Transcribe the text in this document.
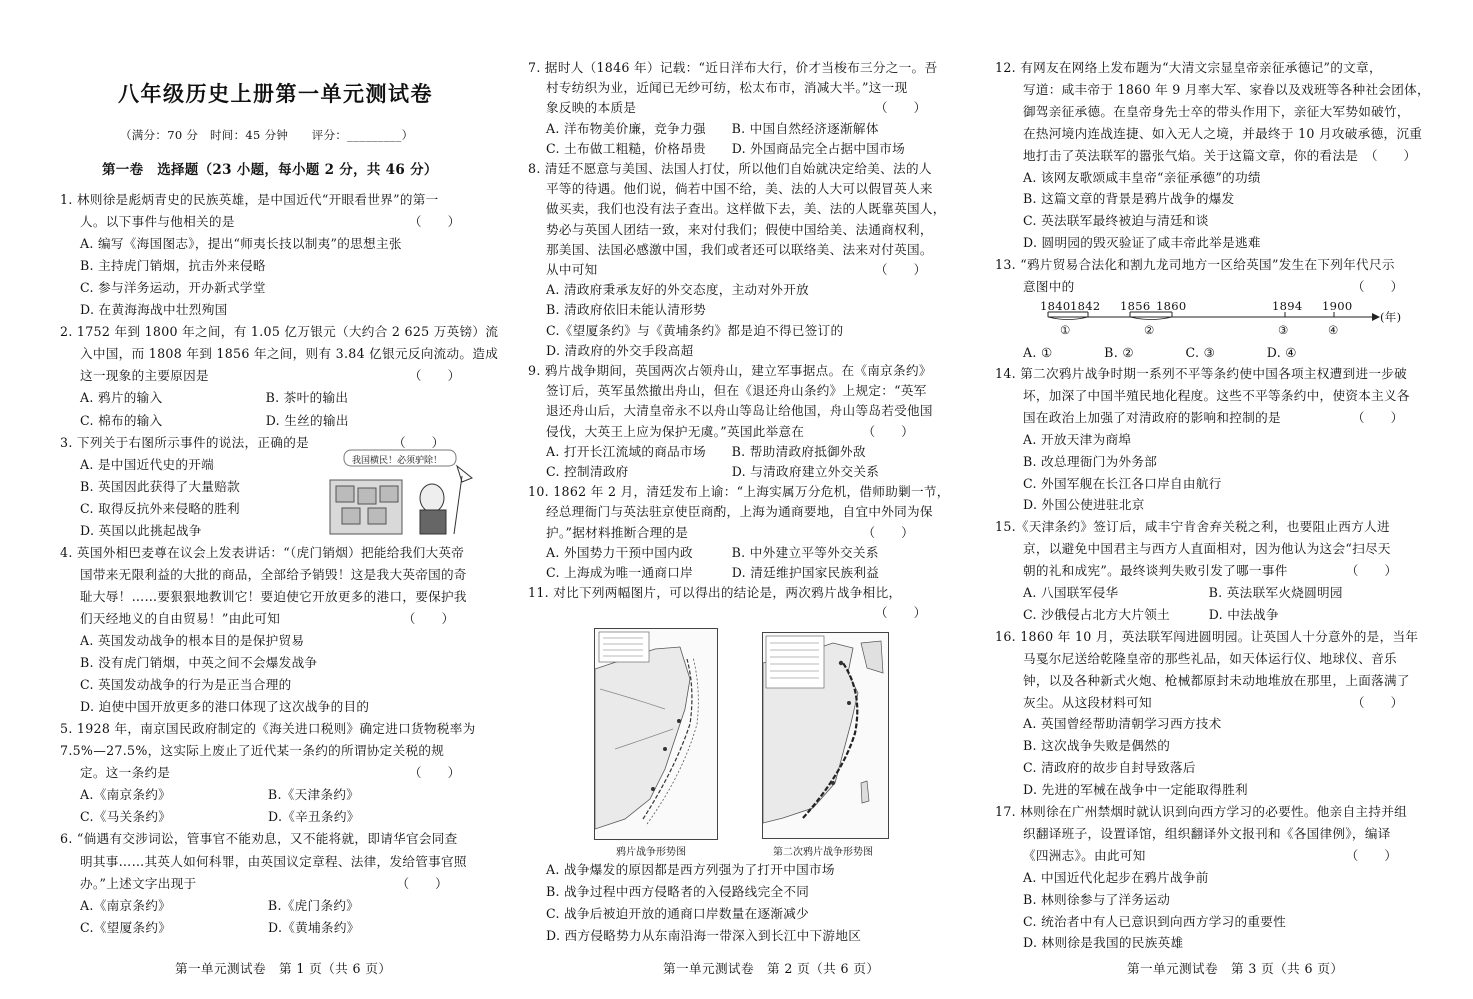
八年级历史上册第一单元测试卷
（满分：70 分　时间：45 分钟　　评分：_________）
第一卷　选择题（23 小题，每小题 2 分，共 46 分）
1. 林则徐是彪炳青史的民族英雄，是中国近代“开眼看世界”的第一
人。以下事件与他相关的是　　　　　　　　　　　　　　（　　）
A. 编写《海国图志》，提出“师夷长技以制夷”的思想主张
B. 主持虎门销烟，抗击外来侵略
C. 参与洋务运动，开办新式学堂
D. 在黄海海战中壮烈殉国
2. 1752 年到 1800 年之间，有 1.05 亿万银元（大约合 2 625 万英镑）流
入中国，而 1808 年到 1856 年之间，则有 3.84 亿银元反向流动。造成
这一现象的主要原因是　　　　　　　　　　　　　　　　（　　）
A. 鸦片的输入　　　　　　　　B. 茶叶的输出
C. 棉布的输入　　　　　　　　D. 生丝的输出
3. 下列关于右图所示事件的说法，正确的是　　　　　　　（　　）
A. 是中国近代史的开端
B. 英国因此获得了大量赔款
C. 取得反抗外来侵略的胜利
D. 英国以此挑起战争
4. 英国外相巴麦尊在议会上发表讲话：“（虎门销烟）把能给我们大英帝
国带来无限利益的大批的商品，全部给予销毁！这是我大英帝国的奇
耻大辱！……要狠狠地教训它！要迫使它开放更多的港口，要保护我
们天经地义的自由贸易！”由此可知　　　　　　　　　　（　　）
A. 英国发动战争的根本目的是保护贸易
B. 没有虎门销烟，中英之间不会爆发战争
C. 英国发动战争的行为是正当合理的
D. 迫使中国开放更多的港口体现了这次战争的目的
5. 1928 年，南京国民政府制定的《海关进口税则》确定进口货物税率为
7.5%—27.5%，这实际上废止了近代某一条约的所谓协定关税的规
定。这一条约是　　　　　　　　　　　　　　　　　　　（　　）
A.《南京条约》　　　　　　　　B.《天津条约》
C.《马关条约》　　　　　　　　D.《辛丑条约》
6. “倘遇有交涉词讼，管事官不能劝息，又不能将就，即请华官会同查
明其事……其英人如何科罪，由英国议定章程、法律，发给管事官照
办。”上述文字出现于　　　　　　　　　　　　　　　　（　　）
A.《南京条约》　　　　　　　　B.《虎门条约》
C.《望厦条约》　　　　　　　　D.《黄埔条约》
我国横民！必须驴除！
第一单元测试卷　第 1 页（共 6 页）
7. 据时人（1846 年）记载：“近日洋布大行，价才当梭布三分之一。吾
村专纺织为业，近闻已无纱可纺，松太布市，消减大半。”这一现
象反映的本质是　　　　　　　　　　　　　　　　　　　（　　）
A. 洋布物美价廉，竞争力强　　B. 中国自然经济逐渐解体
C. 土布做工粗糙，价格昂贵　　D. 外国商品完全占据中国市场
8. 清廷不愿意与美国、法国人打仗，所以他们自始就决定给美、法的人
平等的待遇。他们说，倘若中国不给，美、法的人大可以假冒英人来
做买卖，我们也没有法子查出。这样做下去，美、法的人既靠英国人，
势必与英国人团结一致，来对付我们；假使中国给美、法通商权利，
那美国、法国必感激中国，我们或者还可以联络美、法来对付英国。
从中可知　　　　　　　　　　　　　　　　　　　　　　（　　）
A. 清政府秉承友好的外交态度，主动对外开放
B. 清政府依旧未能认清形势
C.《望厦条约》与《黄埔条约》都是迫不得已签订的
D. 清政府的外交手段高超
9. 鸦片战争期间，英国两次占领舟山，建立军事据点。在《南京条约》
签订后，英军虽然撤出舟山，但在《退还舟山条约》上规定：“英军
退还舟山后，大清皇帝永不以舟山等岛让给他国，舟山等岛若受他国
侵伐，大英王上应为保护无虞。”英国此举意在　　　　　（　　）
A. 打开长江流域的商品市场　　B. 帮助清政府抵御外敌
C. 控制清政府　　　　　　　　D. 与清政府建立外交关系
10. 1862 年 2 月，清廷发布上谕：“上海实属万分危机，借师助剿一节，
经总理衙门与英法驻京使臣商酌，上海为通商要地，自宜中外同为保
护。”据材料推断合理的是　　　　　　　　　　　　　　（　　）
A. 外国势力干预中国内政　　　B. 中外建立平等外交关系
C. 上海成为唯一通商口岸　　　D. 清廷维护国家民族利益
11. 对比下列两幅图片，可以得出的结论是，两次鸦片战争相比，
　　　　　　　　　　　　　　　　　　　　　　　　　　（　　）
鸦片战争形势图	第二次鸦片战争形势图
A. 战争爆发的原因都是西方列强为了打开中国市场
B. 战争过程中西方侵略者的入侵路线完全不同
C. 战争后被迫开放的通商口岸数量在逐渐减少
D. 西方侵略势力从东南沿海一带深入到长江中下游地区
第一单元测试卷　第 2 页（共 6 页）
12. 有网友在网络上发布题为“大清文宗显皇帝亲征承德记”的文章，
写道：咸丰帝于 1860 年 9 月率大军、家眷以及戏班等各种社会团体，
御驾亲征承德。在皇帝身先士卒的带头作用下，亲征大军势如破竹，
在热河境内连战连捷、如入无人之境，并最终于 10 月攻破承德，沉重
地打击了英法联军的嚣张气焰。关于这篇文章，你的看法是　（　　）
A. 该网友歌颂咸丰皇帝“亲征承德”的功绩
B. 这篇文章的背景是鸦片战争的爆发
C. 英法联军最终被迫与清廷和谈
D. 圆明园的毁灭验证了咸丰帝此举是逃难
13. “鸦片贸易合法化和割九龙司地方一区给英国”发生在下列年代尺示
意图中的　　　　　　　　　　　　　　　　　　　　　　（　　）
1840 1842 1856 1860	1894 1900
①	②	③	④
(年)
A. ①　　　　B. ②　　　　C. ③　　　　D. ④
14. 第二次鸦片战争时期一系列不平等条约使中国各项主权遭到进一步破
坏，加深了中国半殖民地化程度。这些不平等条约中，使资本主义各
国在政治上加强了对清政府的影响和控制的是　　　　　　（　　）
A. 开放天津为商埠
B. 改总理衙门为外务部
C. 外国军舰在长江各口岸自由航行
D. 外国公使进驻北京
15.《天津条约》签订后，咸丰宁肯舍弃关税之利，也要阻止西方人进
京，以避免中国君主与西方人直面相对，因为他认为这会“扫尽天
朝的礼和成宪”。最终谈判失败引发了哪一事件　　　　　（　　）
A. 八国联军侵华　　　　　　　B. 英法联军火烧圆明园
C. 沙俄侵占北方大片领土　　　D. 中法战争
16. 1860 年 10 月，英法联军闯进圆明园。让英国人十分意外的是，当年
马戛尔尼送给乾隆皇帝的那些礼品，如天体运行仪、地球仪、音乐
钟，以及各种新式火炮、枪械都原封未动地堆放在那里，上面落满了
灰尘。从这段材料可知　　　　　　　　　　　　　　　　（　　）
A. 英国曾经帮助清朝学习西方技术
B. 这次战争失败是偶然的
C. 清政府的故步自封导致落后
D. 先进的军械在战争中一定能取得胜利
17. 林则徐在广州禁烟时就认识到向西方学习的必要性。他亲自主持并组
织翻译班子，设置译馆，组织翻译外文报刊和《各国律例》，编译
《四洲志》。由此可知　　　　　　　　　　　　　　　　（　　）
A. 中国近代化起步在鸦片战争前
B. 林则徐参与了洋务运动
C. 统治者中有人已意识到向西方学习的重要性
D. 林则徐是我国的民族英雄
第一单元测试卷　第 3 页（共 6 页）
